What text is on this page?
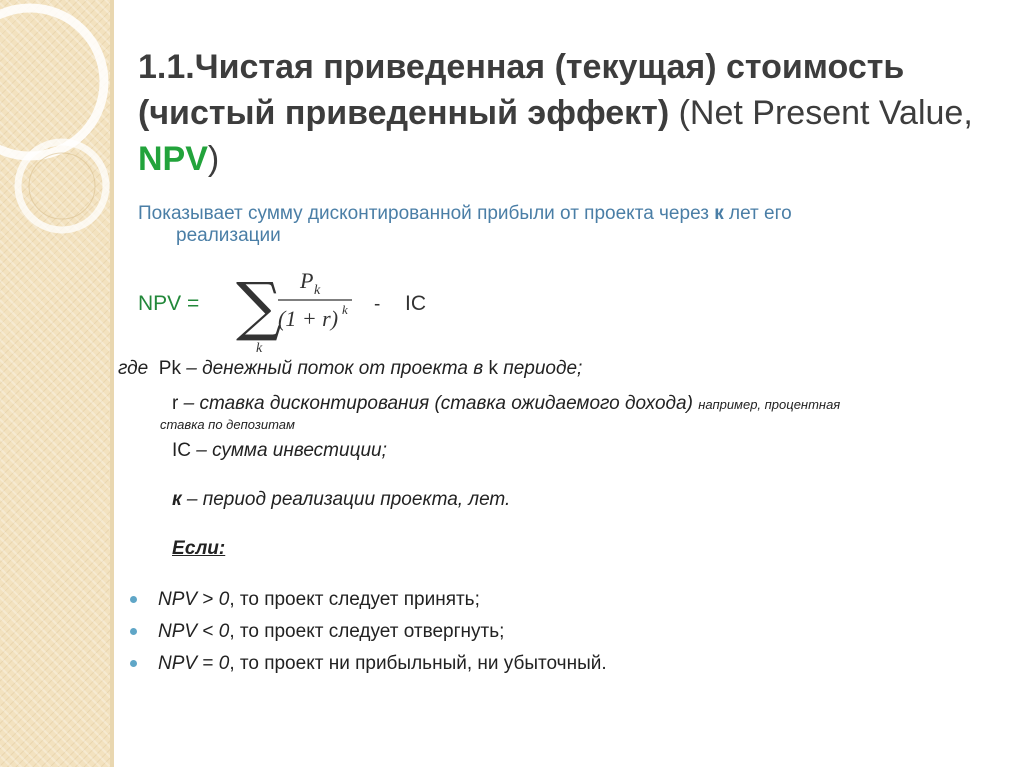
1.1.Чистая приведенная (текущая) стоимость (чистый приведенный эффект) (Net Present Value, NPV)

Показывает сумму дисконтированной прибыли от проекта через к лет его
реализации

NPV = ∑
k
P k
(1 + r) k - IC
где Pk – денежный поток от проекта в k периоде;
r – ставка дисконтирования (ставка ожидаемого дохода) например, процентная
ставка по депозитам
IC – сумма инвестиции;
к – период реализации проекта, лет.
Если:
NPV > 0, то проект следует принять;
NPV < 0, то проект следует отвергнуть;
NPV = 0, то проект ни прибыльный, ни убыточный.
